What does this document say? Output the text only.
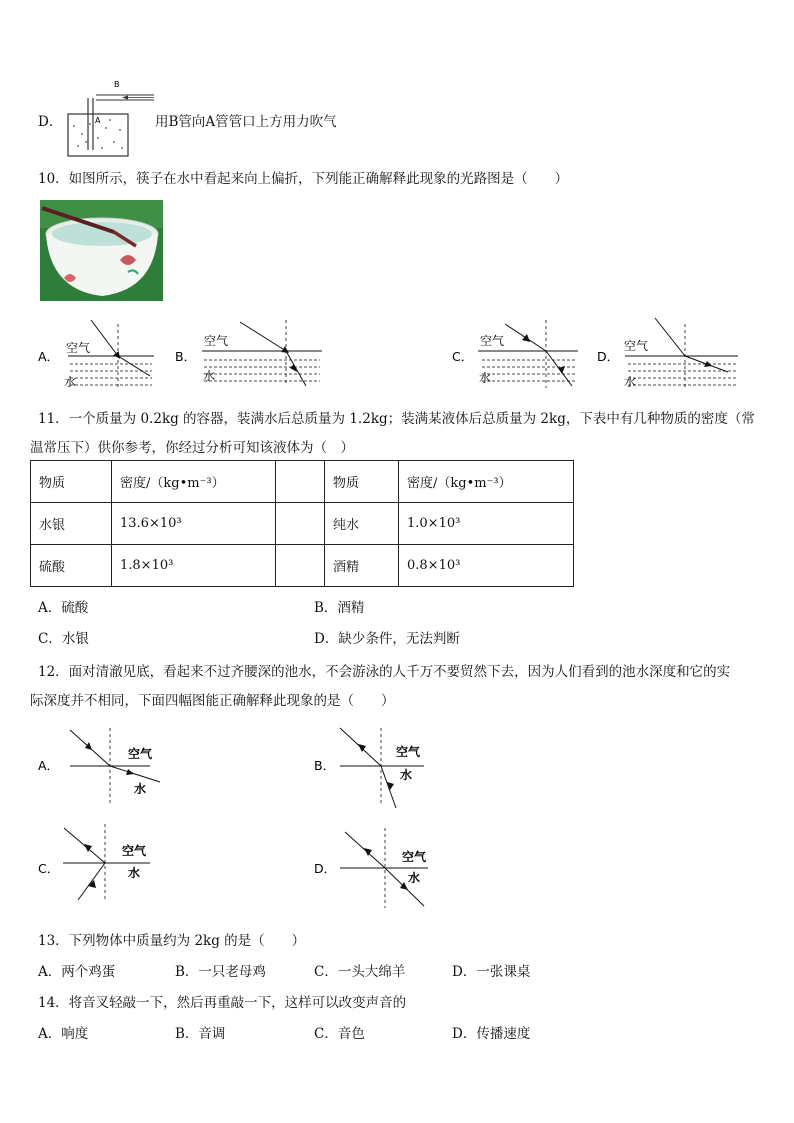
D．
B
A	用B管向A管管口上方用力吹气
10．如图所示，筷子在水中看起来向上偏折，下列能正确解释此现象的光路图是（　　）
A．
空气
水
B．
空气
水
C．
空气
水
D．
空气
水
11．一个质量为 0.2kg 的容器，装满水后总质量为 1.2kg；装满某液体后总质量为 2kg，下表中有几种物质的密度（常
温常压下）供你参考，你经过分析可知该液体为（　）
物质	密度/（kg•m⁻³）		物质	密度/（kg•m⁻³）
水银	13.6×10³		纯水	1.0×10³
硫酸	1.8×10³		酒精	0.8×10³
A．硫酸	B．酒精
C．水银	D．缺少条件，无法判断
12．面对清澈见底，看起来不过齐腰深的池水，不会游泳的人千万不要贸然下去，因为人们看到的池水深度和它的实
际深度并不相同，下面四幅图能正确解释此现象的是（　　）
A．
空气
水
B．
空气
水
C．
空气
水	D．
空气
水
13．下列物体中质量约为 2kg 的是（　　）
A．两个鸡蛋	B．一只老母鸡	C．一头大绵羊	D．一张课桌
14．将音叉轻敲一下，然后再重敲一下，这样可以改变声音的
A．响度	B．音调	C．音色	D．传播速度
